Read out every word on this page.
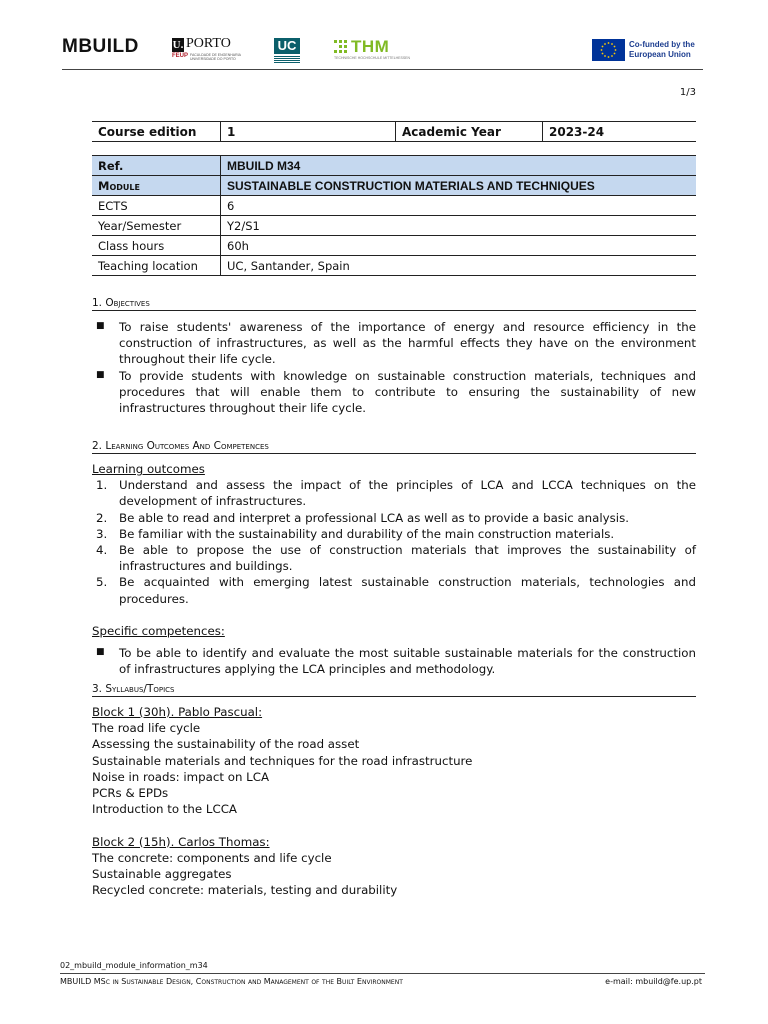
MBUILD	U. PORTO
FEUP FACULDADE DE ENGENHARIA UNIVERSIDADE DO PORTO
UC	THM
TECHNISCHE HOCHSCHULE MITTELHESSEN
Co-funded by the
European Union
1/3
Course edition	1	Academic Year	2023-24
Ref.	MBUILD M34
Module	SUSTAINABLE CONSTRUCTION MATERIALS AND TECHNIQUES
ECTS	6
Year/Semester	Y2/S1
Class hours	60h
Teaching location	UC, Santander, Spain
1. Objectives
■ To raise students' awareness of the importance of energy and resource efficiency in the construction of infrastructures, as well as the harmful effects they have on the environment throughout their life cycle.
■ To provide students with knowledge on sustainable construction materials, techniques and procedures that will enable them to contribute to ensuring the sustainability of new infrastructures throughout their life cycle.
2. Learning Outcomes And Competences
Learning outcomes
1. Understand and assess the impact of the principles of LCA and LCCA techniques on the development of infrastructures.
2. Be able to read and interpret a professional LCA as well as to provide a basic analysis.
3. Be familiar with the sustainability and durability of the main construction materials.
4. Be able to propose the use of construction materials that improves the sustainability of infrastructures and buildings.
5. Be acquainted with emerging latest sustainable construction materials, technologies and procedures.
Specific competences:
■ To be able to identify and evaluate the most suitable sustainable materials for the construction of infrastructures applying the LCA principles and methodology.
3. Syllabus/Topics
Block 1 (30h). Pablo Pascual:
The road life cycle
Assessing the sustainability of the road asset
Sustainable materials and techniques for the road infrastructure
Noise in roads: impact on LCA
PCRs & EPDs
Introduction to the LCCA
Block 2 (15h). Carlos Thomas:
The concrete: components and life cycle
Sustainable aggregates
Recycled concrete: materials, testing and durability
02_mbuild_module_information_m34
MBUILD MSc in Sustainable Design, Construction and Management of the Built Environment	e-mail: mbuild@fe.up.pt
